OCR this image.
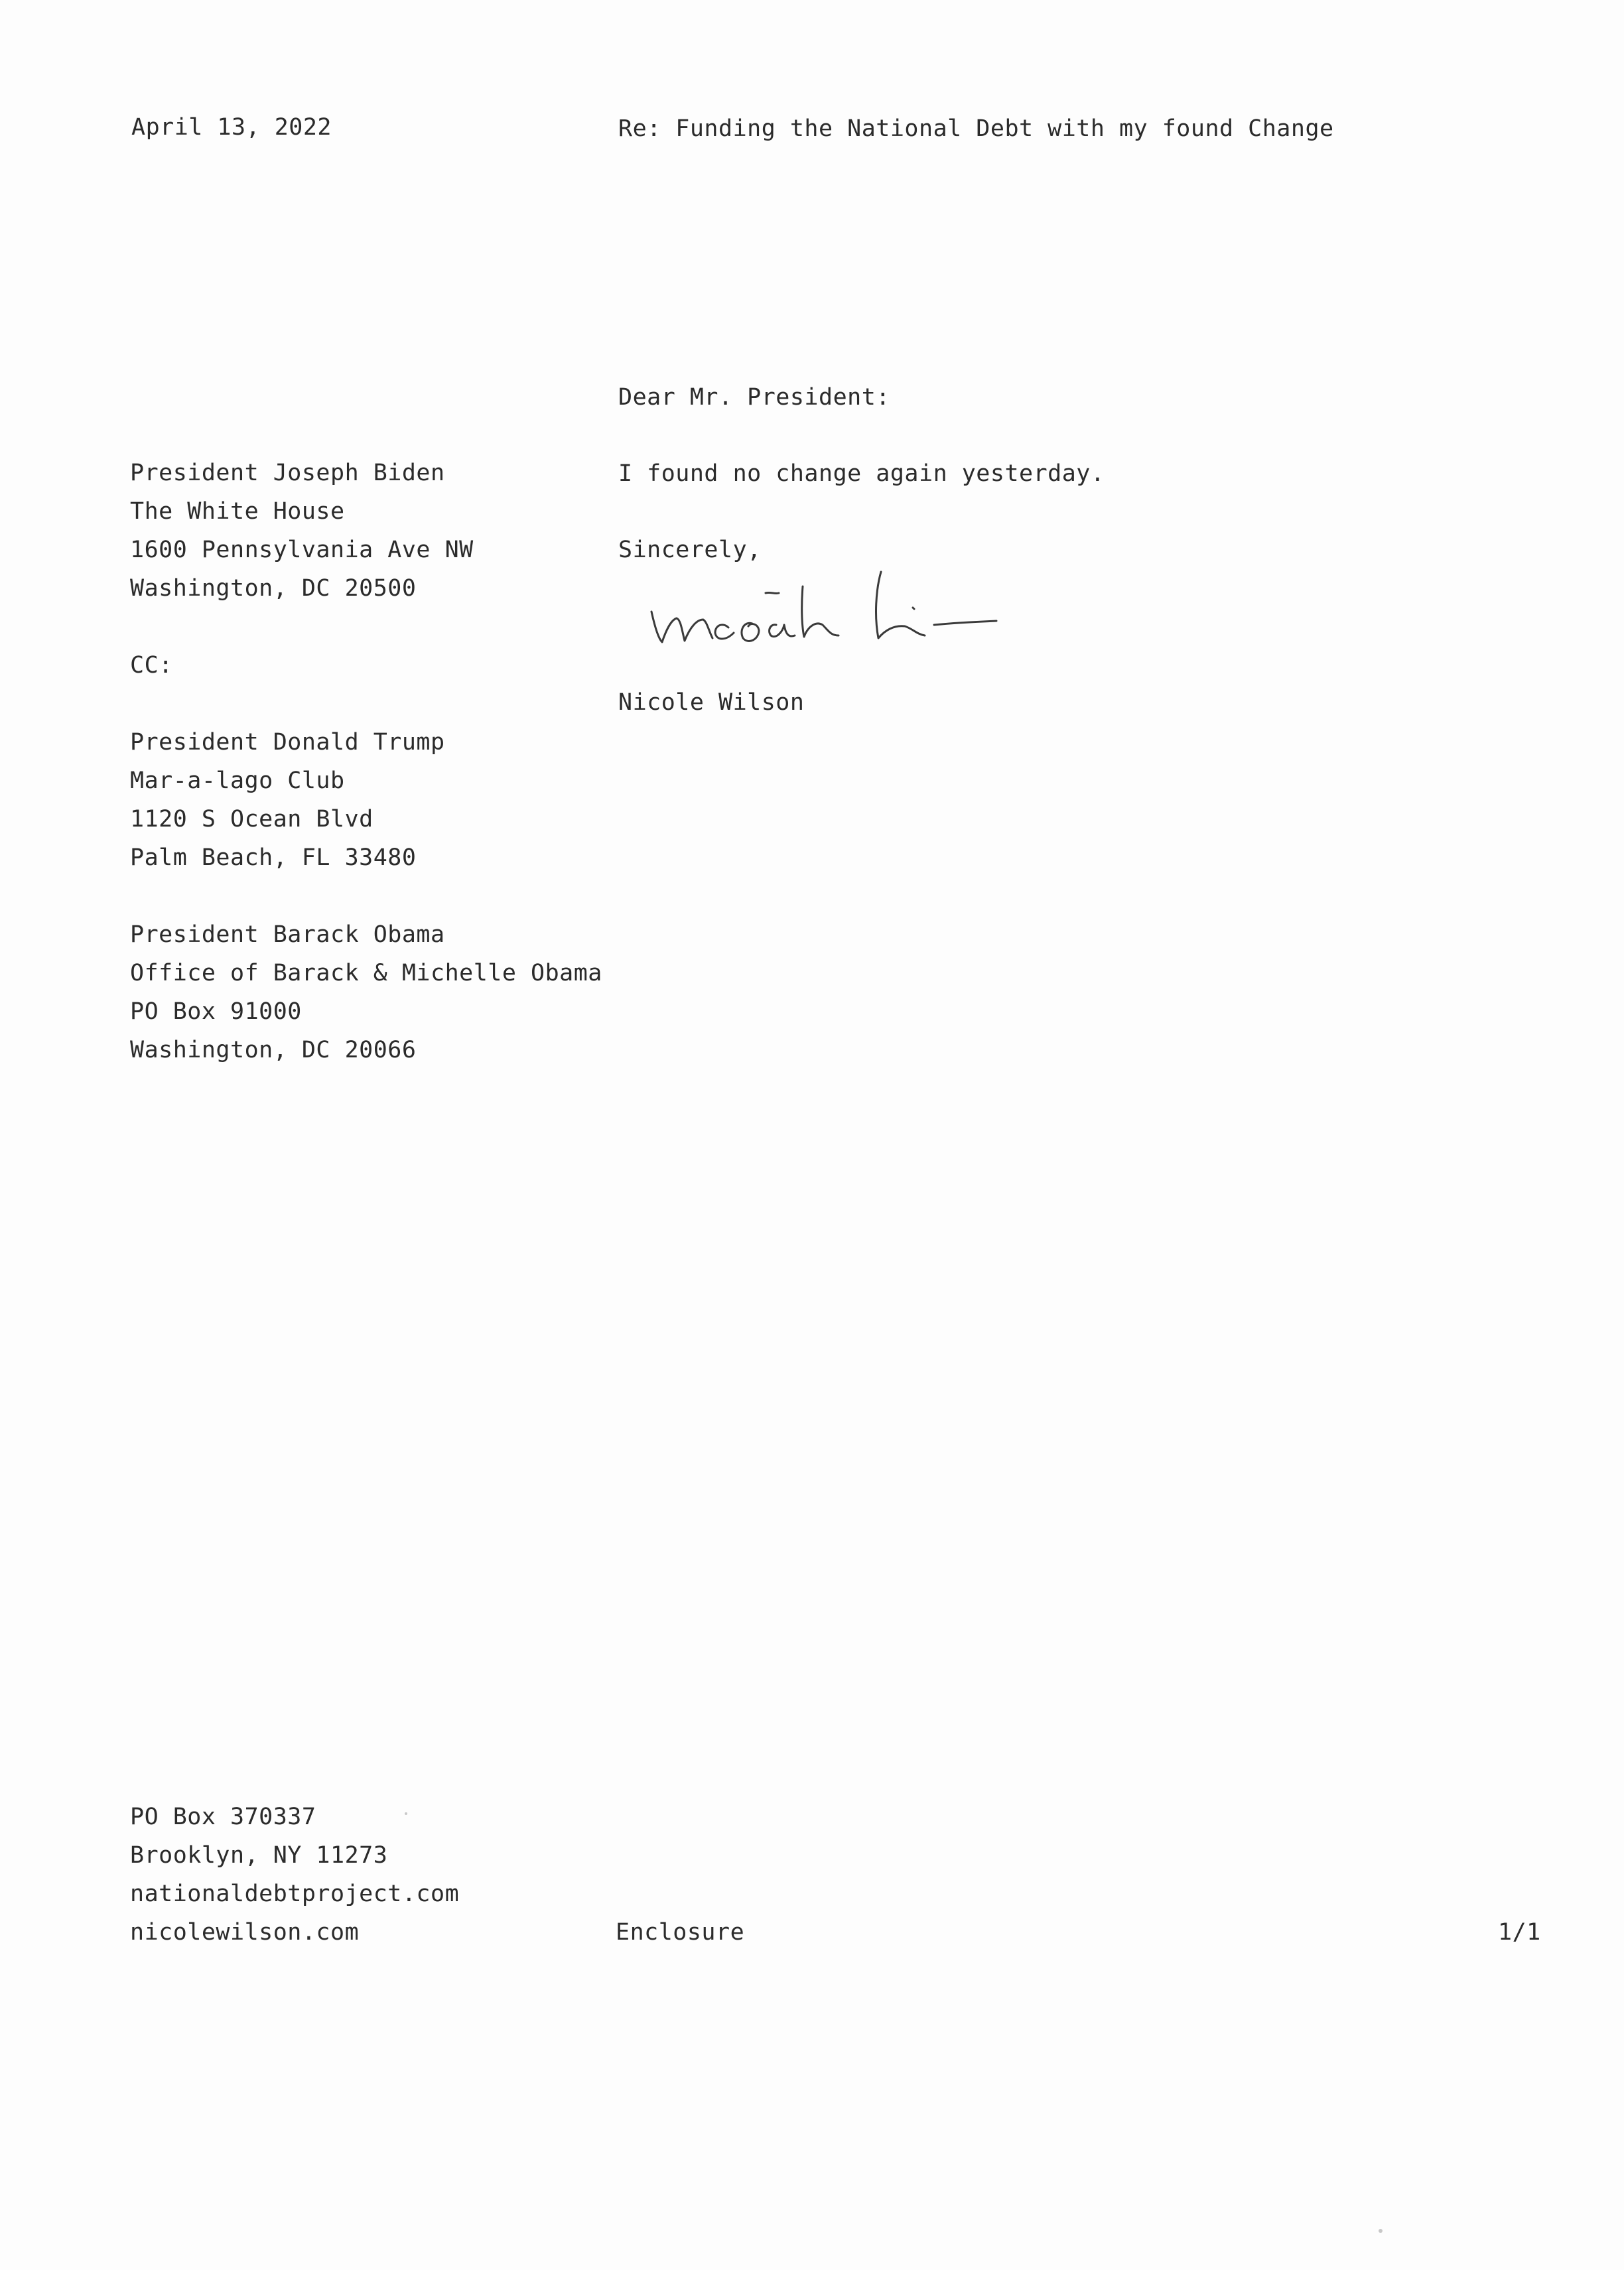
April 13, 2022	Re: Funding the National Debt with my found Change
President Joseph Biden
The White House
1600 Pennsylvania Ave NW
Washington, DC 20500
CC:
President Donald Trump
Mar-a-lago Club
1120 S Ocean Blvd
Palm Beach, FL 33480
President Barack Obama
Office of Barack & Michelle Obama
PO Box 91000
Washington, DC 20066
Dear Mr. President:
I found no change again yesterday.
Sincerely,
Nicole Wilson
PO Box 370337
Brooklyn, NY 11273
nationaldebtproject.com
nicolewilson.com	Enclosure	1/1
